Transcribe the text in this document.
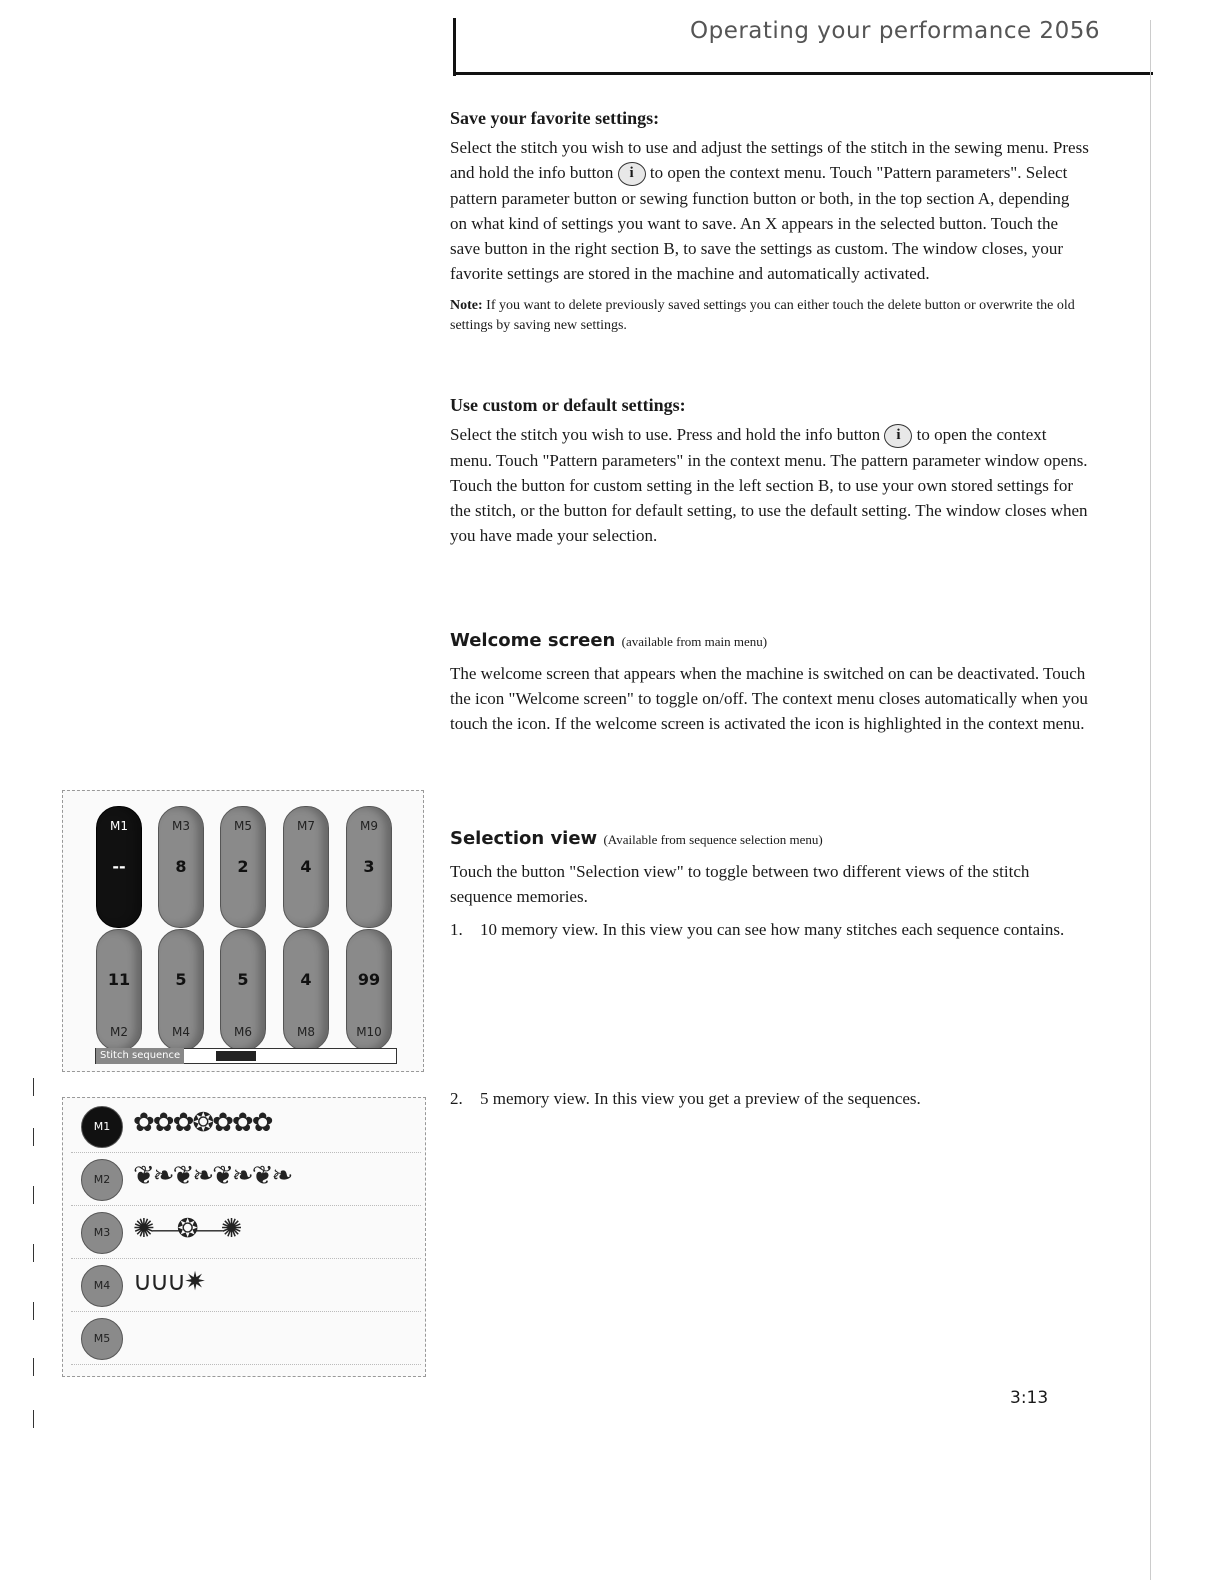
Operating your performance 2056
Save your favorite settings:

Select the stitch you wish to use and adjust the settings of the stitch in the sewing menu. Press and hold the info button i to open the context menu. Touch "Pattern parameters". Select pattern parameter button or sewing function button or both, in the top section A, depending on what kind of settings you want to save. An X appears in the selected button. Touch the save button in the right section B, to save the settings as custom. The window closes, your favorite settings are stored in the machine and automatically activated.

Note: If you want to delete previously saved settings you can either touch the delete button or overwrite the old settings by saving new settings.

Use custom or default settings:

Select the stitch you wish to use. Press and hold the info button i to open the context menu. Touch "Pattern parameters" in the context menu. The pattern parameter window opens. Touch the button for custom setting in the left section B, to use your own stored settings for the stitch, or the button for default setting, to use the default setting. The window closes when you have made your selection.

Welcome screen (available from main menu)

The welcome screen that appears when the machine is switched on can be deactivated. Touch the icon "Welcome screen" to toggle on/off. The context menu closes automatically when you touch the icon. If the welcome screen is activated the icon is highlighted in the context menu.

Selection view (Available from sequence selection menu)

Touch the button "Selection view" to toggle between two different views of the stitch sequence memories.

1.	10 memory view. In this view you can see how many stitches each sequence contains.
2.	5 memory view. In this view you get a preview of the sequences.
M1
--
M3
8
M5
2
M7
4
M9
3
11
M2
5
M4
5
M6
4
M8
99
M10
Stitch sequence
M1 ✿✿✿❂✿✿✿
M2 ❦❧❦❧❦❧❦❧
M3 ✺—❂—✺
M4 ∪∪∪✷
M5
3:13
